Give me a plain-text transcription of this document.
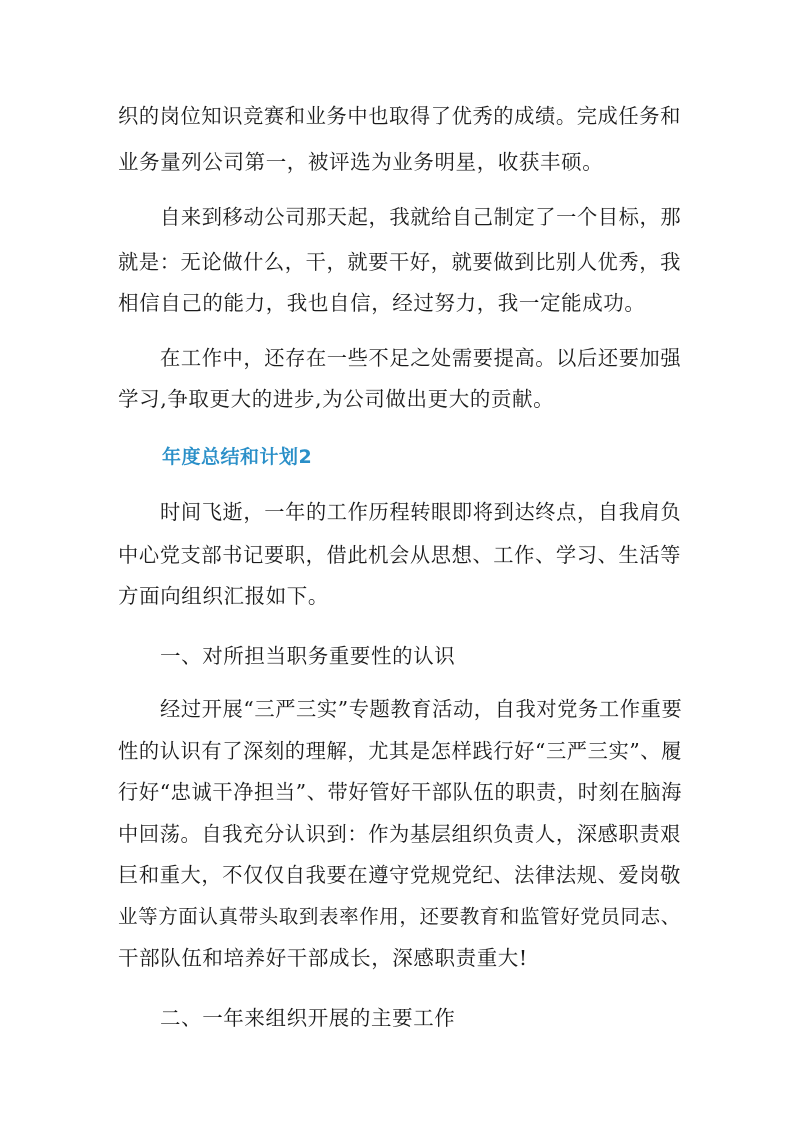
织的岗位知识竞赛和业务中也取得了优秀的成绩。完成任务和

业务量列公司第一，被评选为业务明星，收获丰硕。

自来到移动公司那天起，我就给自己制定了一个目标，那

就是：无论做什么，干，就要干好，就要做到比别人优秀，我

相信自己的能力，我也自信，经过努力，我一定能成功。

在工作中，还存在一些不足之处需要提高。以后还要加强

学习,争取更大的进步,为公司做出更大的贡献。

年度总结和计划2

时间飞逝，一年的工作历程转眼即将到达终点，自我肩负

中心党支部书记要职，借此机会从思想、工作、学习、生活等

方面向组织汇报如下。

一、对所担当职务重要性的认识

经过开展“三严三实”专题教育活动，自我对党务工作重要

性的认识有了深刻的理解，尤其是怎样践行好“三严三实”、履

行好“忠诚干净担当”、带好管好干部队伍的职责，时刻在脑海

中回荡。自我充分认识到：作为基层组织负责人，深感职责艰

巨和重大，不仅仅自我要在遵守党规党纪、法律法规、爱岗敬

业等方面认真带头取到表率作用，还要教育和监管好党员同志、

干部队伍和培养好干部成长，深感职责重大!

二、一年来组织开展的主要工作
